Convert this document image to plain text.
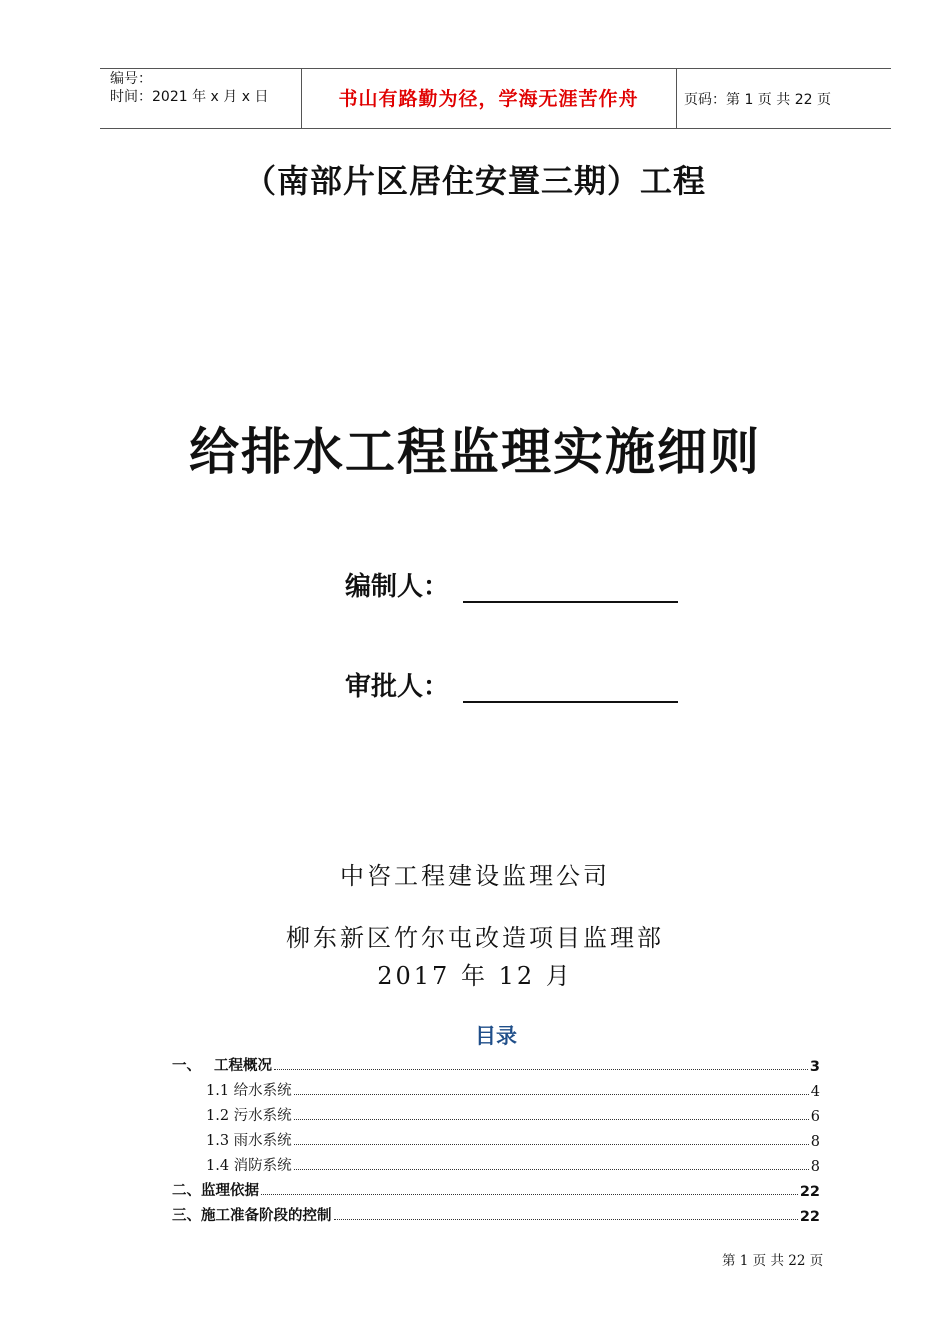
编号：
时间：2021 年 x 月 x 日	书山有路勤为径，学海无涯苦作舟	页码：第 1 页 共 22 页
（南部片区居住安置三期）工程
给排水工程监理实施细则
编制人：
审批人：
中咨工程建设监理公司
柳东新区竹尔屯改造项目监理部
2017 年 12 月
目录
一、 工程概况	3
1.1 给水系统	4
1.2 污水系统	6
1.3 雨水系统	8
1.4 消防系统	8
二、监理依据	22
三、施工准备阶段的控制	22
第 1 页 共 22 页
